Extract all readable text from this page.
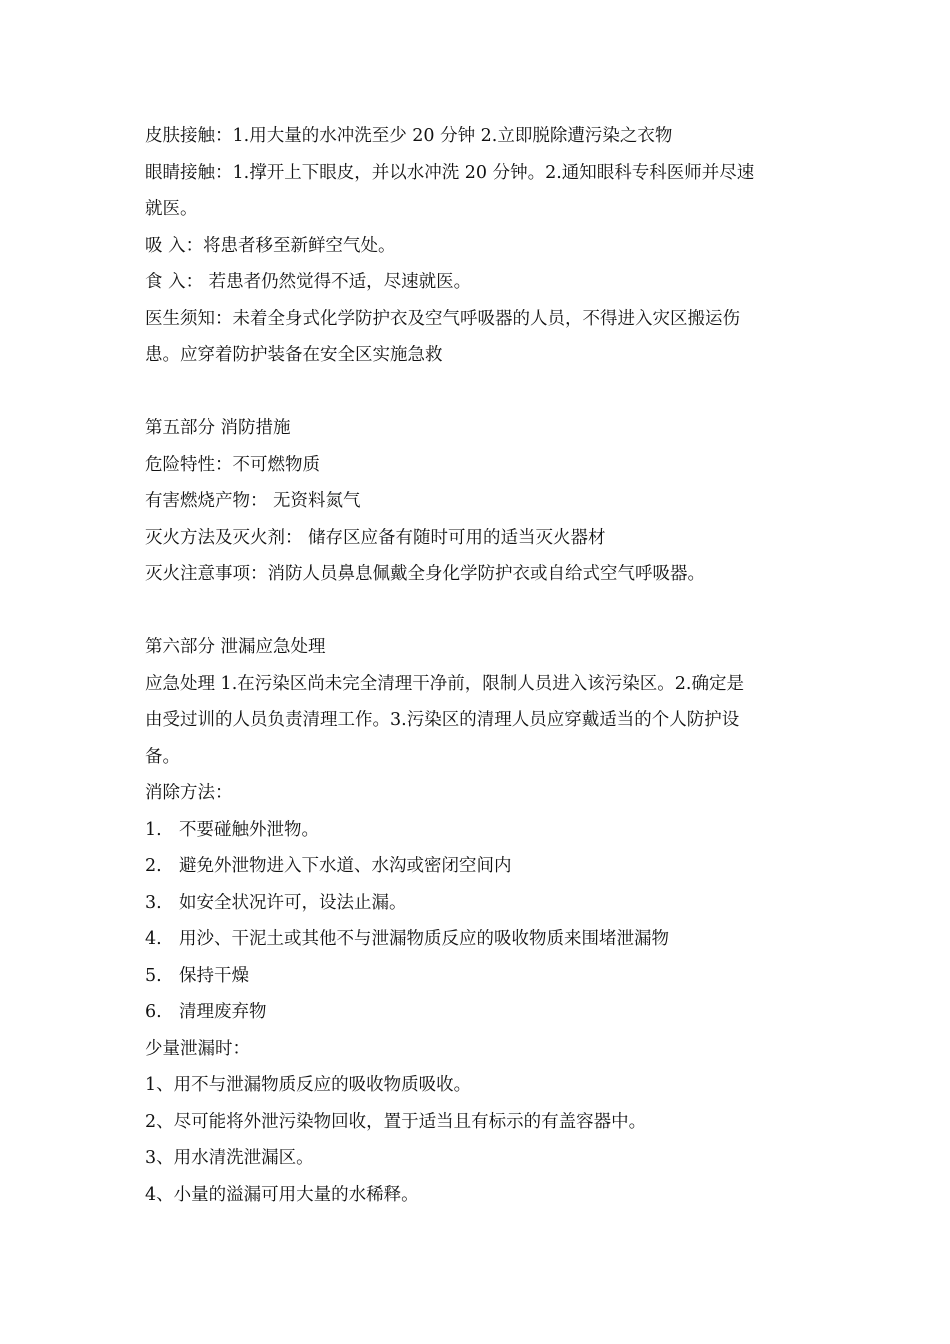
皮肤接触：1.用大量的水冲洗至少 20 分钟 2.立即脱除遭污染之衣物

眼睛接触：1.撑开上下眼皮，并以水冲洗 20 分钟。2.通知眼科专科医师并尽速

就医。

吸 入：将患者移至新鲜空气处。

食 入： 若患者仍然觉得不适，尽速就医。

医生须知：未着全身式化学防护衣及空气呼吸器的人员，不得进入灾区搬运伤

患。应穿着防护装备在安全区实施急救

第五部分 消防措施

危险特性：不可燃物质

有害燃烧产物： 无资料氮气

灭火方法及灭火剂： 储存区应备有随时可用的适当灭火器材

灭火注意事项：消防人员鼻息佩戴全身化学防护衣或自给式空气呼吸器。

第六部分 泄漏应急处理

应急处理 1.在污染区尚未完全清理干净前，限制人员进入该污染区。2.确定是

由受过训的人员负责清理工作。3.污染区的清理人员应穿戴适当的个人防护设

备。

消除方法：

1. 不要碰触外泄物。

2. 避免外泄物进入下水道、水沟或密闭空间内

3. 如安全状况许可，设法止漏。

4. 用沙、干泥土或其他不与泄漏物质反应的吸收物质来围堵泄漏物

5. 保持干燥

6. 清理废弃物

少量泄漏时：

1、用不与泄漏物质反应的吸收物质吸收。

2、尽可能将外泄污染物回收，置于适当且有标示的有盖容器中。

3、用水清洗泄漏区。

4、小量的溢漏可用大量的水稀释。
